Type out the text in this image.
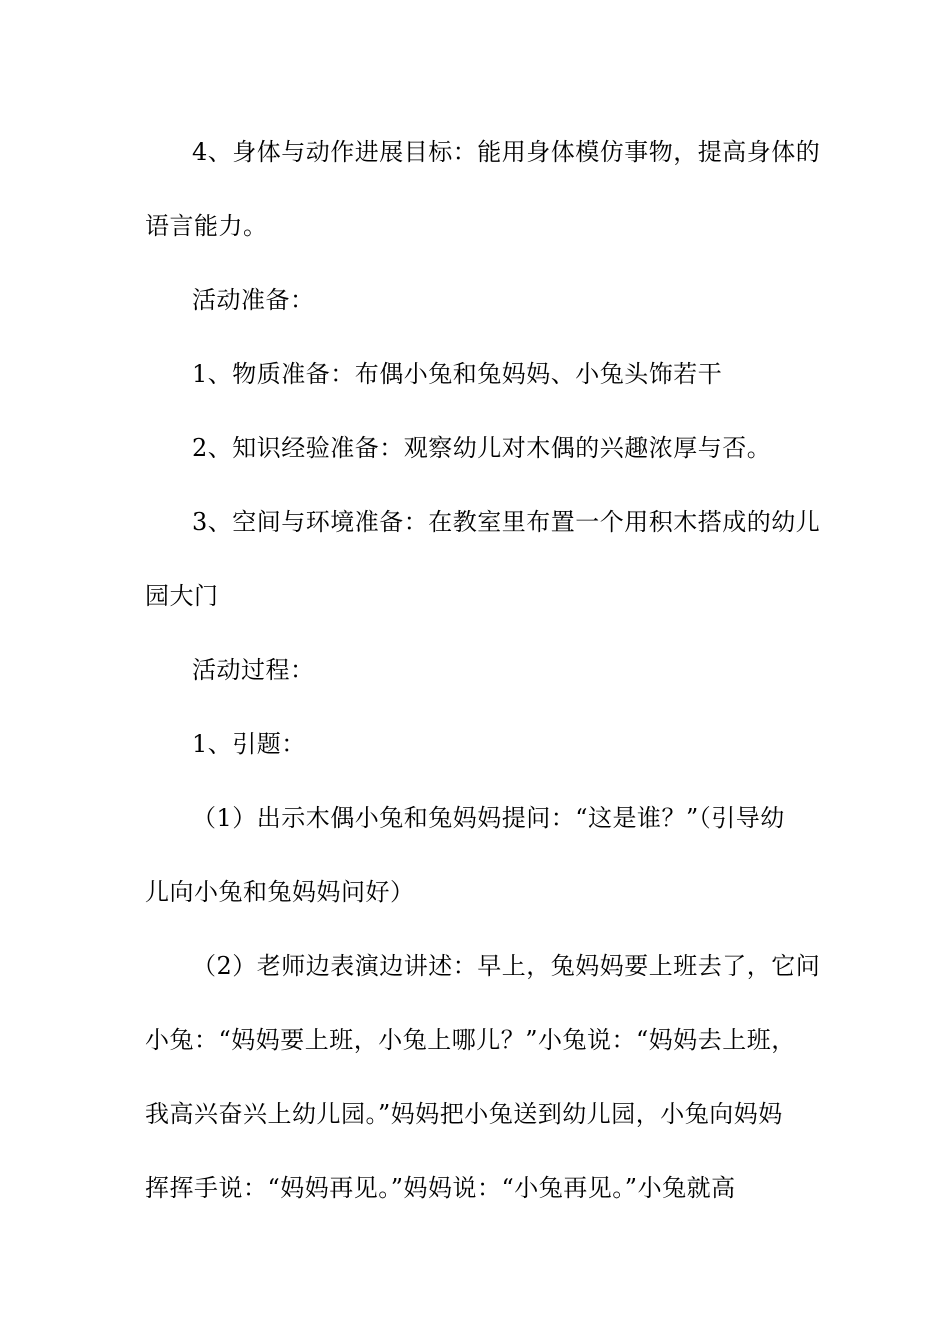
4、身体与动作进展目标：能用身体模仿事物，提高身体的
语言能力。
活动准备：
1、物质准备：布偶小兔和兔妈妈、小兔头饰若干
2、知识经验准备：观察幼儿对木偶的兴趣浓厚与否。
3、空间与环境准备：在教室里布置一个用积木搭成的幼儿
园大门
活动过程：
1、引题：
（1）出示木偶小兔和兔妈妈提问：“这是谁？”（引导幼
儿向小兔和兔妈妈问好）
（2）老师边表演边讲述：早上，兔妈妈要上班去了，它问
小兔：“妈妈要上班，小兔上哪儿？”小兔说：“妈妈去上班，
我高兴奋兴上幼儿园。”妈妈把小兔送到幼儿园，小兔向妈妈
挥挥手说：“妈妈再见。”妈妈说：“小兔再见。”小兔就高
